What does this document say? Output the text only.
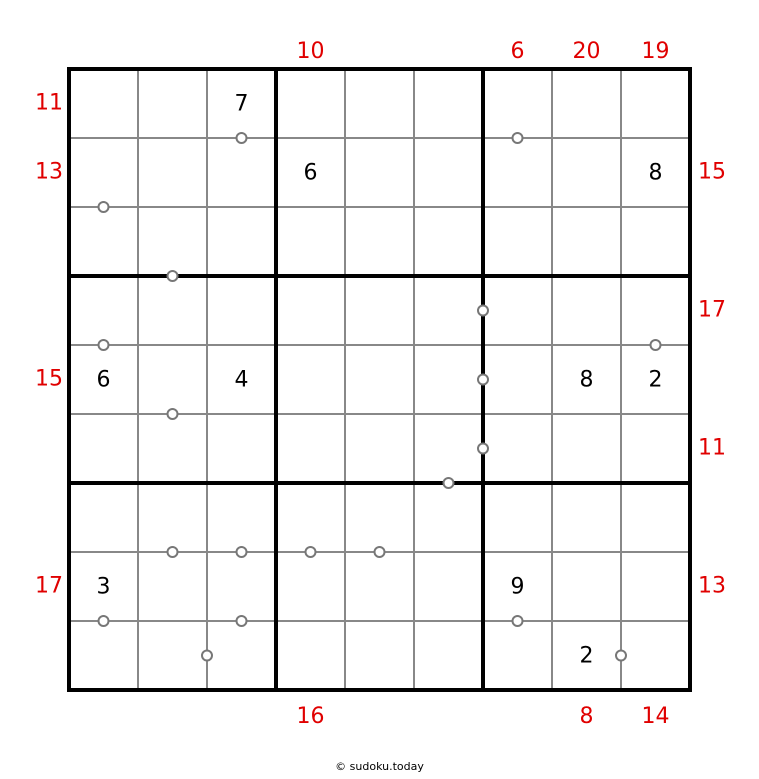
7
6	8
6	4	8	2
3	9
2
10	6 20 19
16	8 14
11
13
15
17
15
17
11
13
© sudoku.today
